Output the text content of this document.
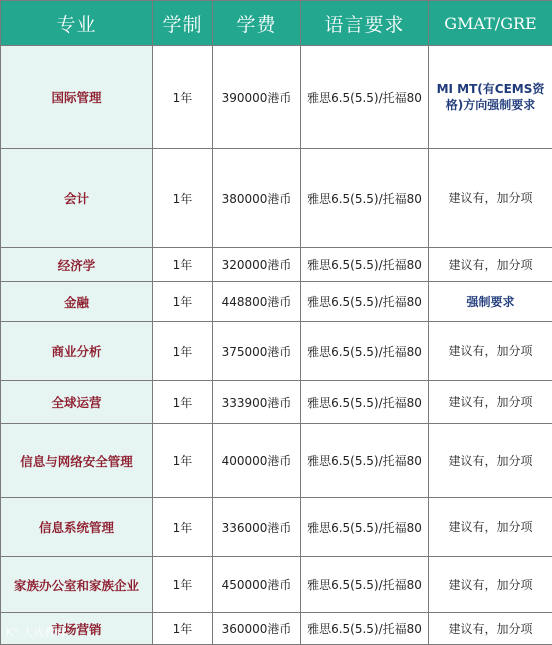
专业	学制	学费	语言要求	GMAT/GRE
国际管理	1年	390000港币	雅思6.5(5.5)/托福80	MI MT(有CEMS资格)方向强制要求
会计	1年	380000港币	雅思6.5(5.5)/托福80	建议有，加分项
经济学	1年	320000港币	雅思6.5(5.5)/托福80	建议有，加分项
金融	1年	448800港币	雅思6.5(5.5)/托福80	强制要求
商业分析	1年	375000港币	雅思6.5(5.5)/托福80	建议有，加分项
全球运营	1年	333900港币	雅思6.5(5.5)/托福80	建议有，加分项
信息与网络安全管理	1年	400000港币	雅思6.5(5.5)/托福80	建议有，加分项
信息系统管理	1年	336000港币	雅思6.5(5.5)/托福80	建议有，加分项
家族办公室和家族企业	1年	450000港币	雅思6.5(5.5)/托福80	建议有，加分项
市场营销	1年	360000港币	雅思6.5(5.5)/托福80	建议有，加分项
K° 大成教育
